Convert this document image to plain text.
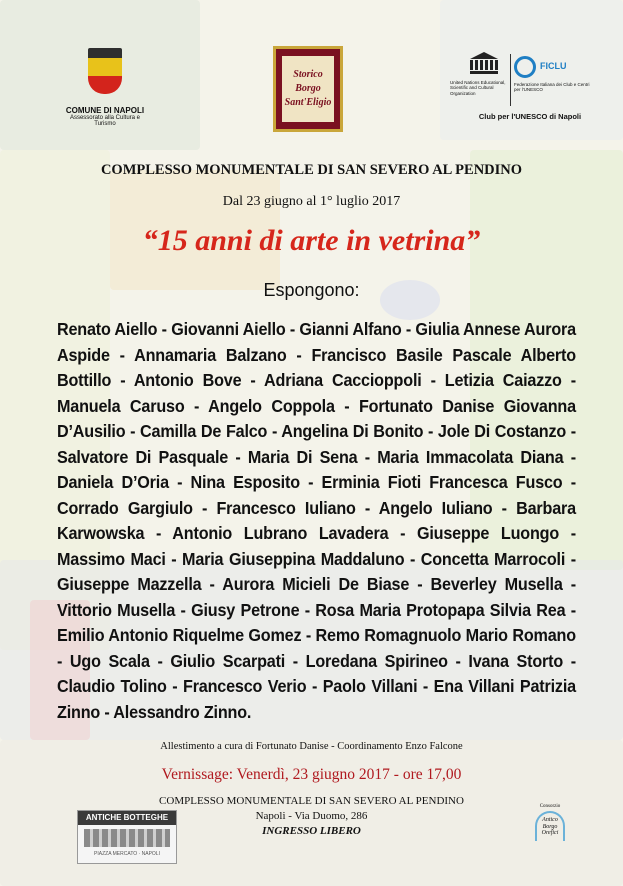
COMUNE DI NAPOLI
Assessorato alla Cultura e Turismo
Storico
Borgo
Sant'Eligio
United Nations Educational, Scientific and Cultural Organization
FICLU
Federazione Italiana dei Club e Centri per l'UNESCO
Club per l'UNESCO di Napoli
COMPLESSO MONUMENTALE DI SAN SEVERO AL PENDINO
Dal 23 giugno al 1° luglio 2017
“15 anni di arte in vetrina”
Espongono:
Renato Aiello - Giovanni Aiello - Gianni Alfano - Giulia Annese Aurora Aspide - Annamaria Balzano - Francisco Basile Pascale Alberto Bottillo - Antonio Bove - Adriana Caccioppoli - Letizia Caiazzo - Manuela Caruso - Angelo Coppola - Fortunato Danise Giovanna D’Ausilio - Camilla De Falco - Angelina Di Bonito - Jole Di Costanzo - Salvatore Di Pasquale - Maria Di Sena - Maria Immacolata Diana - Daniela D’Oria - Nina Esposito - Erminia Fioti Francesca Fusco - Corrado Gargiulo - Francesco Iuliano - Angelo Iuliano - Barbara Karwowska - Antonio Lubrano Lavadera - Giuseppe Luongo - Massimo Maci - Maria Giuseppina Maddaluno - Concetta Marrocoli - Giuseppe Mazzella - Aurora Micieli De Biase - Beverley Musella - Vittorio Musella - Giusy Petrone - Rosa Maria Protopapa Silvia Rea - Emilio Antonio Riquelme Gomez - Remo Romagnuolo Mario Romano - Ugo Scala - Giulio Scarpati - Loredana Spirineo - Ivana Storto - Claudio Tolino - Francesco Verio - Paolo Villani - Ena Villani Patrizia Zinno - Alessandro Zinno.
Allestimento a cura di Fortunato Danise - Coordinamento Enzo Falcone
Vernissage: Venerdì, 23 giugno 2017 - ore 17,00
COMPLESSO MONUMENTALE DI SAN SEVERO AL PENDINO
Napoli - Via Duomo, 286
INGRESSO LIBERO
ANTICHE BOTTEGHE
PIAZZA MERCATO · NAPOLI
Consorzio
Antico
Borgo
Orefici
